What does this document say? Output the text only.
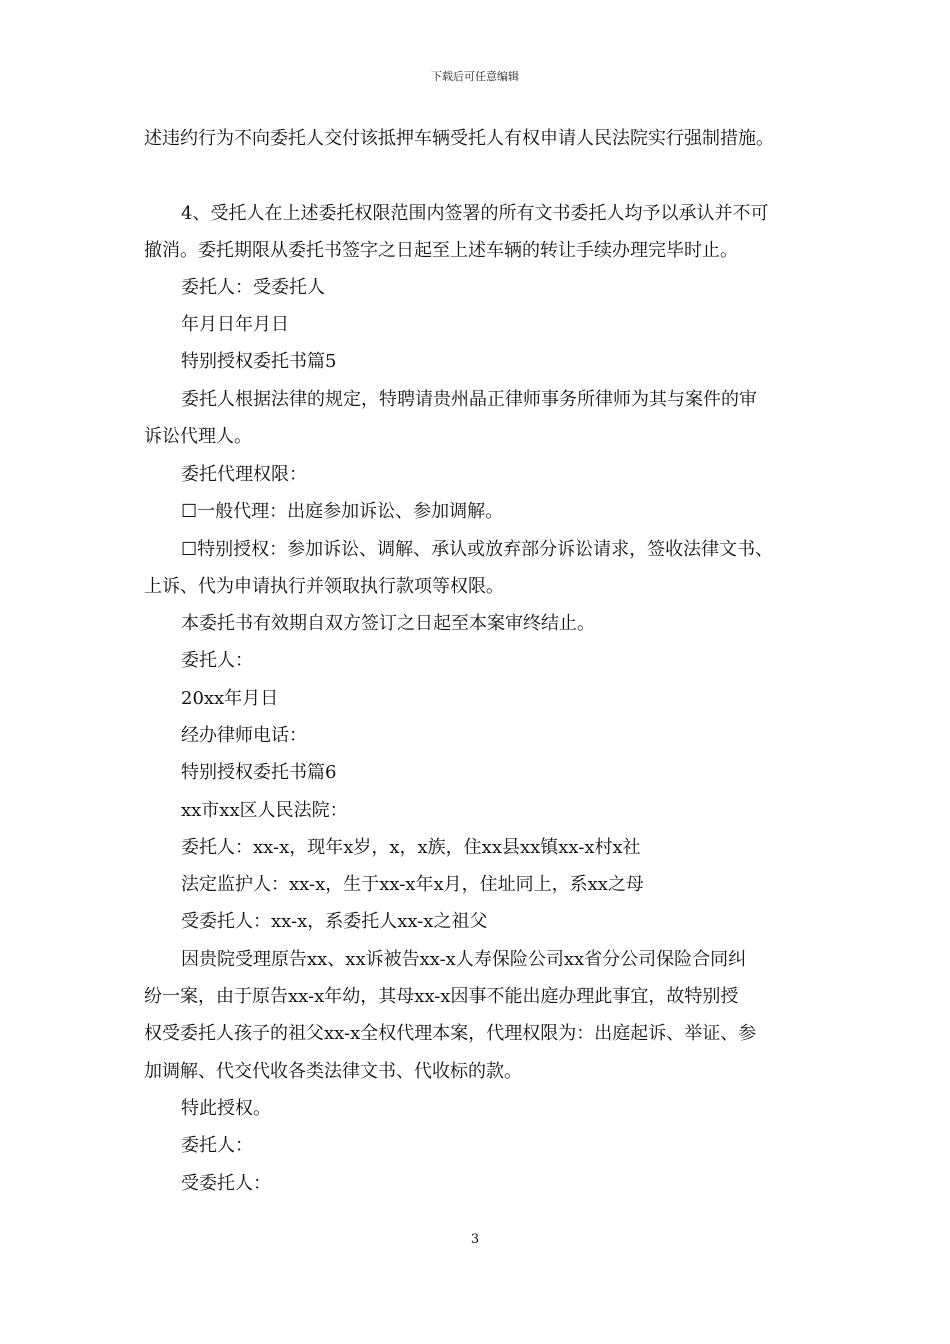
下载后可任意编辑
述违约行为不向委托人交付该抵押车辆受托人有权申请人民法院实行强制措施。
4、受托人在上述委托权限范围内签署的所有文书委托人均予以承认并不可
撤消。委托期限从委托书签字之日起至上述车辆的转让手续办理完毕时止。
委托人：受委托人
年月日年月日
特别授权委托书篇5
委托人根据法律的规定，特聘请贵州晶正律师事务所律师为其与案件的审
诉讼代理人。
委托代理权限：
☐一般代理：出庭参加诉讼、参加调解。
☐特别授权：参加诉讼、调解、承认或放弃部分诉讼请求，签收法律文书、
上诉、代为申请执行并领取执行款项等权限。
本委托书有效期自双方签订之日起至本案审终结止。
委托人：
20xx年月日
经办律师电话：
特别授权委托书篇6
xx市xx区人民法院：
委托人：xx-x，现年x岁，x，x族，住xx县xx镇xx-x村x社
法定监护人：xx-x，生于xx-x年x月，住址同上，系xx之母
受委托人：xx-x，系委托人xx-x之祖父
因贵院受理原告xx、xx诉被告xx-x人寿保险公司xx省分公司保险合同纠
纷一案，由于原告xx-x年幼，其母xx-x因事不能出庭办理此事宜，故特别授
权受委托人孩子的祖父xx-x全权代理本案，代理权限为：出庭起诉、举证、参
加调解、代交代收各类法律文书、代收标的款。
特此授权。
委托人：
受委托人：
3
